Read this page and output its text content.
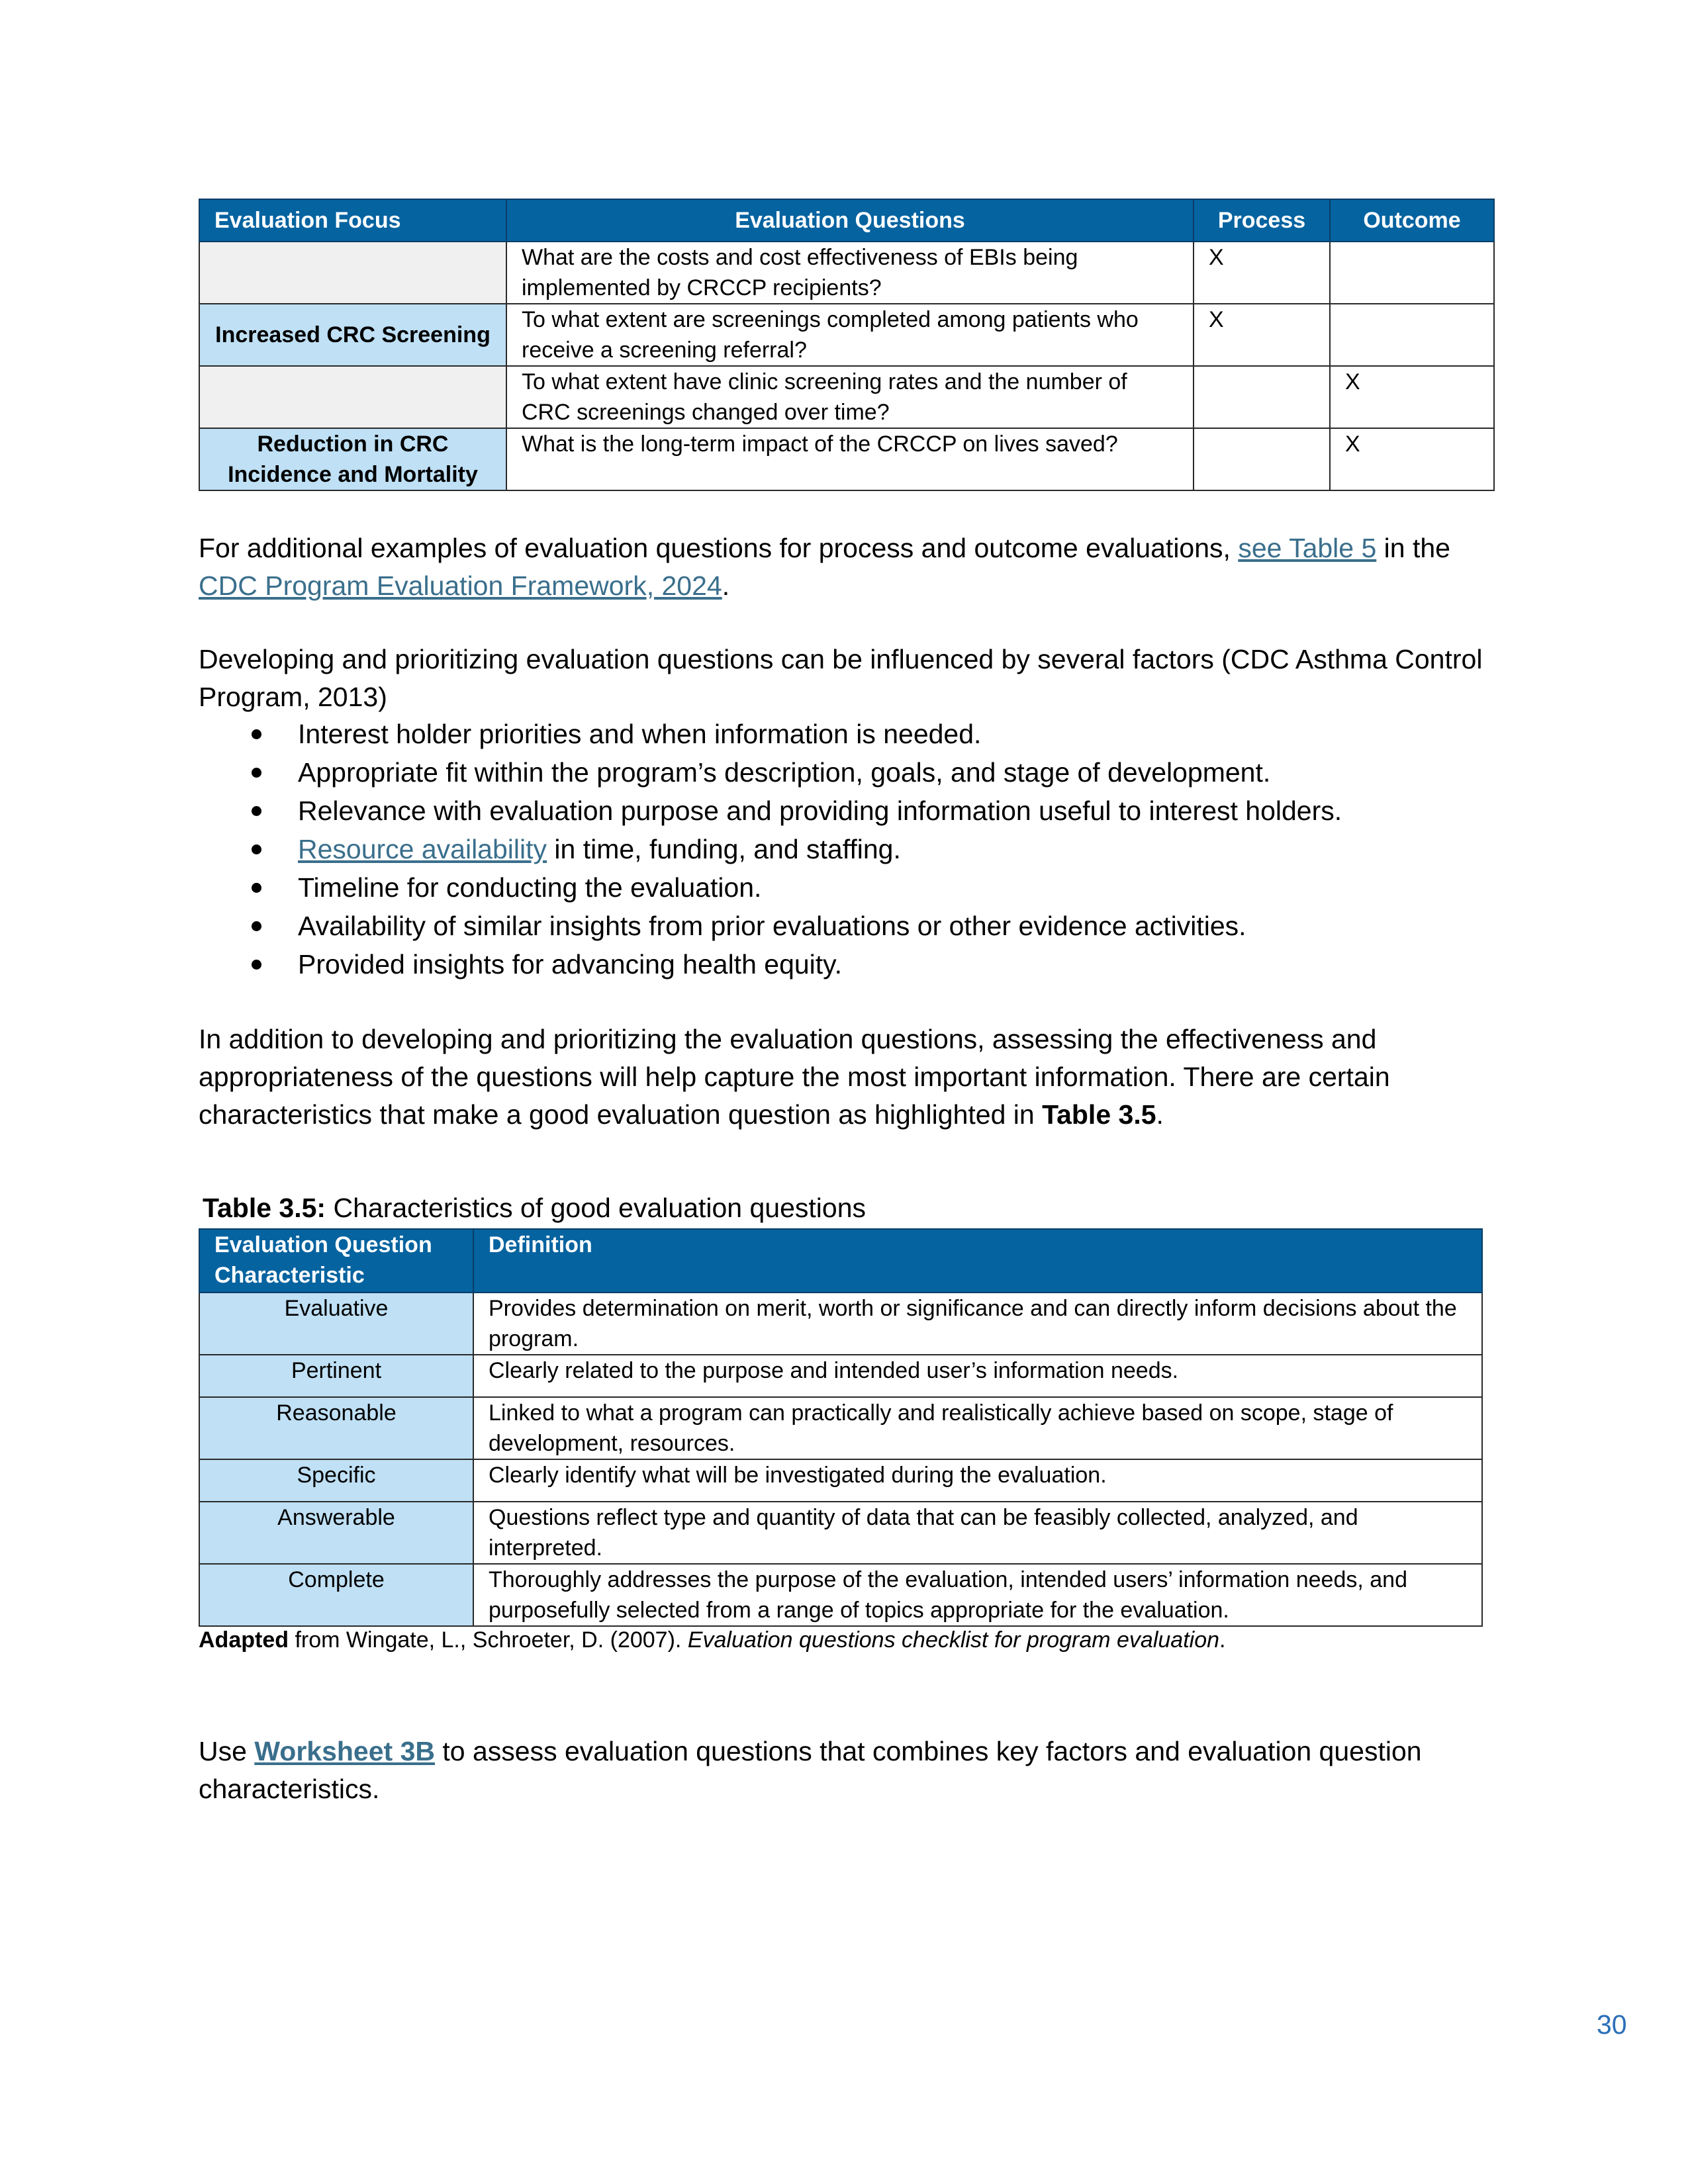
Evaluation Focus	Evaluation Questions	Process	Outcome
	What are the costs and cost effectiveness of EBIs being implemented by CRCCP recipients?	X	
Increased CRC Screening	To what extent are screenings completed among patients who receive a screening referral?	X	
	To what extent have clinic screening rates and the number of CRC screenings changed over time?		X
Reduction in CRC Incidence and Mortality	What is the long-term impact of the CRCCP on lives saved?		X
For additional examples of evaluation questions for process and outcome evaluations, see Table 5 in the CDC Program Evaluation Framework, 2024.
Developing and prioritizing evaluation questions can be influenced by several factors (CDC Asthma Control Program, 2013)
Interest holder priorities and when information is needed.
Appropriate fit within the program’s description, goals, and stage of development.
Relevance with evaluation purpose and providing information useful to interest holders.
Resource availability in time, funding, and staffing.
Timeline for conducting the evaluation.
Availability of similar insights from prior evaluations or other evidence activities.
Provided insights for advancing health equity.
In addition to developing and prioritizing the evaluation questions, assessing the effectiveness and appropriateness of the questions will help capture the most important information. There are certain characteristics that make a good evaluation question as highlighted in Table 3.5.
Table 3.5: Characteristics of good evaluation questions
Evaluation Question Characteristic	Definition
Evaluative	Provides determination on merit, worth or significance and can directly inform decisions about the program.
Pertinent	Clearly related to the purpose and intended user’s information needs.
Reasonable	Linked to what a program can practically and realistically achieve based on scope, stage of development, resources.
Specific	Clearly identify what will be investigated during the evaluation.
Answerable	Questions reflect type and quantity of data that can be feasibly collected, analyzed, and interpreted.
Complete	Thoroughly addresses the purpose of the evaluation, intended users’ information needs, and purposefully selected from a range of topics appropriate for the evaluation.
Adapted from Wingate, L., Schroeter, D. (2007). Evaluation questions checklist for program evaluation.
Use Worksheet 3B to assess evaluation questions that combines key factors and evaluation question characteristics.
30
